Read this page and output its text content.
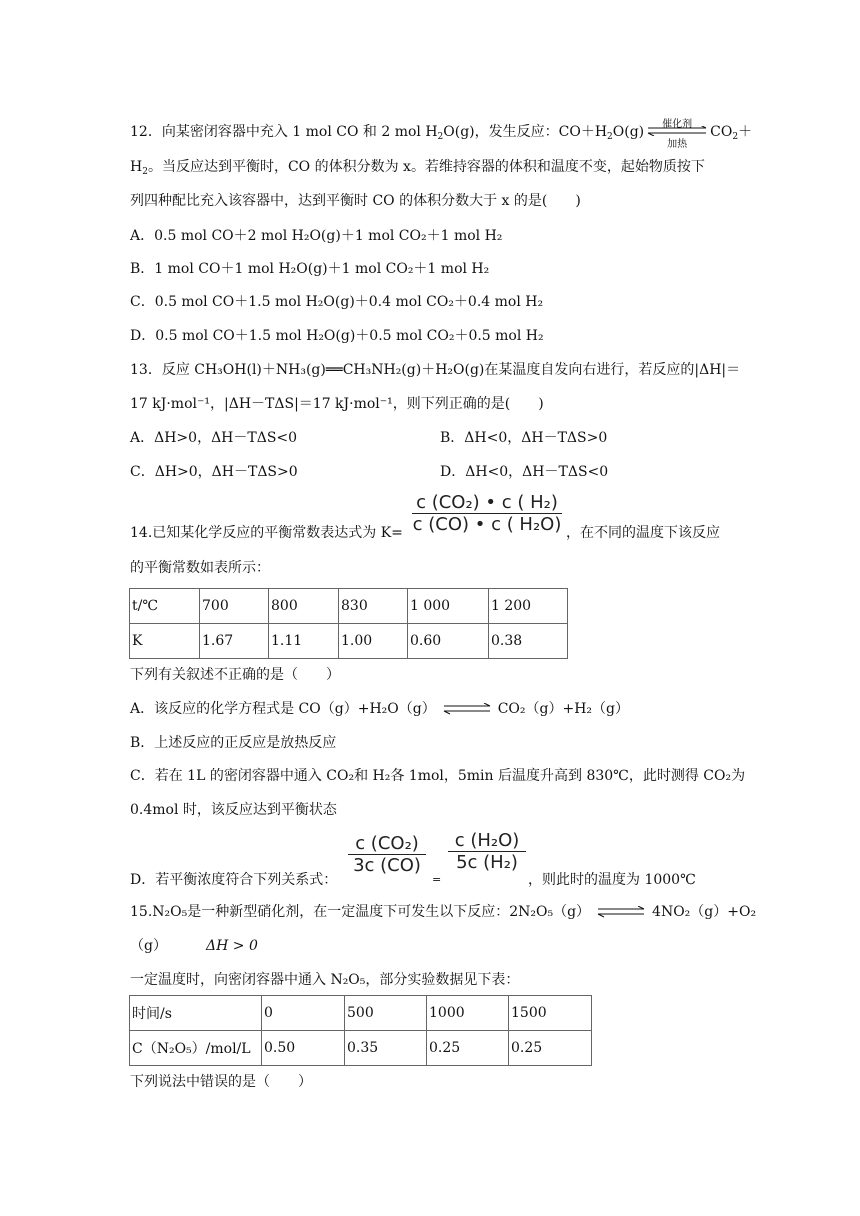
12．向某密闭容器中充入 1 mol CO 和 2 mol $H_2O(g)$，发生反应：$CO+H_2O(g)$	催化剂
加热
$CO_2+$
$H_2$。当反应达到平衡时，CO 的体积分数为 x。若维持容器的体积和温度不变，起始物质按下
列四种配比充入该容器中，达到平衡时 CO 的体积分数大于 x 的是(　　)
A．0.5 mol CO＋2 mol H₂O(g)＋1 mol CO₂＋1 mol H₂
B．1 mol CO＋1 mol H₂O(g)＋1 mol CO₂＋1 mol H₂
C．0.5 mol CO＋1.5 mol H₂O(g)＋0.4 mol CO₂＋0.4 mol H₂
D．0.5 mol CO＋1.5 mol H₂O(g)＋0.5 mol CO₂＋0.5 mol H₂
13．反应 CH₃OH(l)＋NH₃(g)══CH₃NH₂(g)＋H₂O(g)在某温度自发向右进行，若反应的|ΔH|＝
17 kJ·mol⁻¹，|ΔH－TΔS|＝17 kJ·mol⁻¹，则下列正确的是(　　)
A．ΔH>0，ΔH－TΔS<0	B．ΔH<0，ΔH－TΔS>0
C．ΔH>0，ΔH－TΔS>0	D．ΔH<0，ΔH－TΔS<0
c (CO₂) • c ( H₂)
c (CO) • c ( H₂O)
14.已知某化学反应的平衡常数表达式为 K=	，在不同的温度下该反应
的平衡常数如表所示：
t/℃	700	800	830	1 000	1 200
K	1.67	1.11	1.00	0.60	0.38
下列有关叙述不正确的是（　　）
A．该反应的化学方程式是 CO（g）+H₂O（g） ⇌ CO₂（g）+H₂（g）
B．上述反应的正反应是放热反应
C．若在 1L 的密闭容器中通入 CO₂和 H₂各 1mol，5min 后温度升高到 830℃，此时测得 CO₂为
0.4mol 时，该反应达到平衡状态
c (CO₂)
3c (CO)
=
c (H₂O)
5c (H₂)
D．若平衡浓度符合下列关系式：	，则此时的温度为 1000℃
15.N₂O₅是一种新型硝化剂，在一定温度下可发生以下反应：2N₂O₅（g） ⇌ 4NO₂（g）+O₂
（g）	ΔH > 0
一定温度时，向密闭容器中通入 N₂O₅，部分实验数据见下表：
时间/s	0	500	1000	1500
C（N₂O₅）/mol/L	0.50	0.35	0.25	0.25
下列说法中错误的是（　　）
